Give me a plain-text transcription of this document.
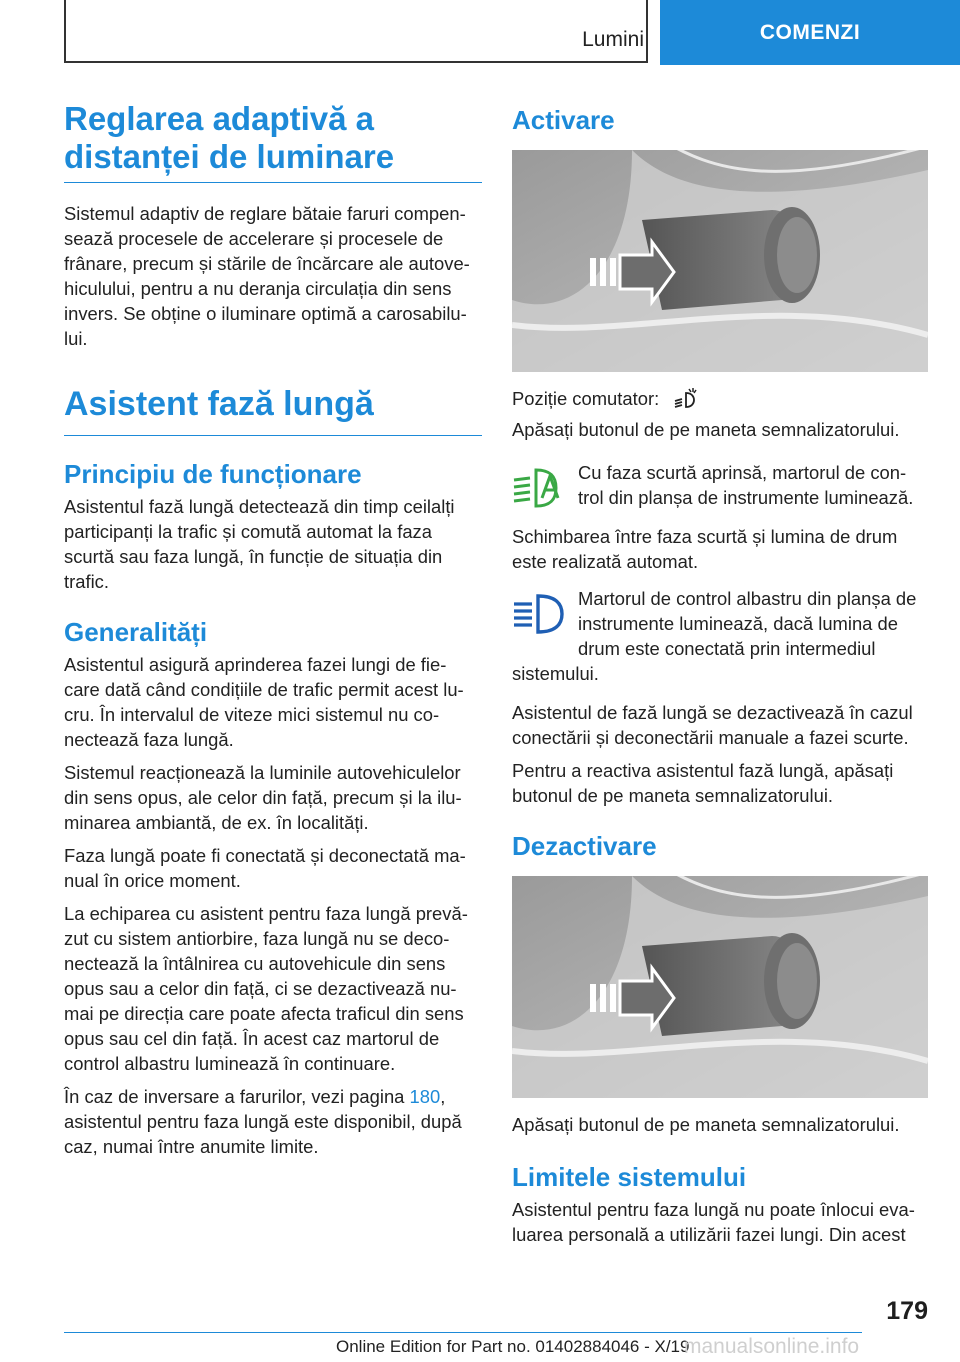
Lumini	COMENZI
Reglarea adaptivă a distanței de luminare

Sistemul adaptiv de reglare bătaie faruri compen-sează procesele de accelerare și procesele de frânare, precum și stările de încărcare ale autove-hiculului, pentru a nu deranja circulația din sens invers. Se obține o iluminare optimă a carosabilu-lui.

Asistent fază lungă
Principiu de funcționare

Asistentul fază lungă detectează din timp ceilalți participanți la trafic și comută automat la faza scurtă sau faza lungă, în funcție de situația din trafic.

Generalități

Asistentul asigură aprinderea fazei lungi de fie-care dată când condițiile de trafic permit acest lu-cru. În intervalul de viteze mici sistemul nu co-nectează faza lungă.

Sistemul reacționează la luminile autovehiculelor din sens opus, ale celor din față, precum și la ilu-minarea ambiantă, de ex. în localități.

Faza lungă poate fi conectată și deconectată ma-nual în orice moment.

La echiparea cu asistent pentru faza lungă prevă-zut cu sistem antiorbire, faza lungă nu se deco-nectează la întâlnirea cu autovehicule din sens opus sau a celor din față, ci se dezactivează nu-mai pe direcția care poate afecta traficul din sens opus sau cel din față. În acest caz martorul de control albastru luminează în continuare.

În caz de inversare a farurilor, vezi pagina 180, asistentul pentru faza lungă este disponibil, după caz, numai între anumite limite.

Activare

Poziție comutator:

Apăsați butonul de pe maneta semnalizatorului.

Cu faza scurtă aprinsă, martorul de con-trol din planșa de instrumente luminează.

Schimbarea între faza scurtă și lumina de drum este realizată automat.

Martorul de control albastru din planșa de instrumente luminează, dacă lumina de drum este conectată prin intermediul sistemului.

Asistentul de fază lungă se dezactivează în cazul conectării și deconectării manuale a fazei scurte.

Pentru a reactiva asistentul fază lungă, apăsați butonul de pe maneta semnalizatorului.

Dezactivare

Apăsați butonul de pe maneta semnalizatorului.

Limitele sistemului

Asistentul pentru faza lungă nu poate înlocui eva-luarea personală a utilizării fazei lungi. Din acest

179
Online Edition for Part no. 01402884046 - X/19
manualsonline.info
